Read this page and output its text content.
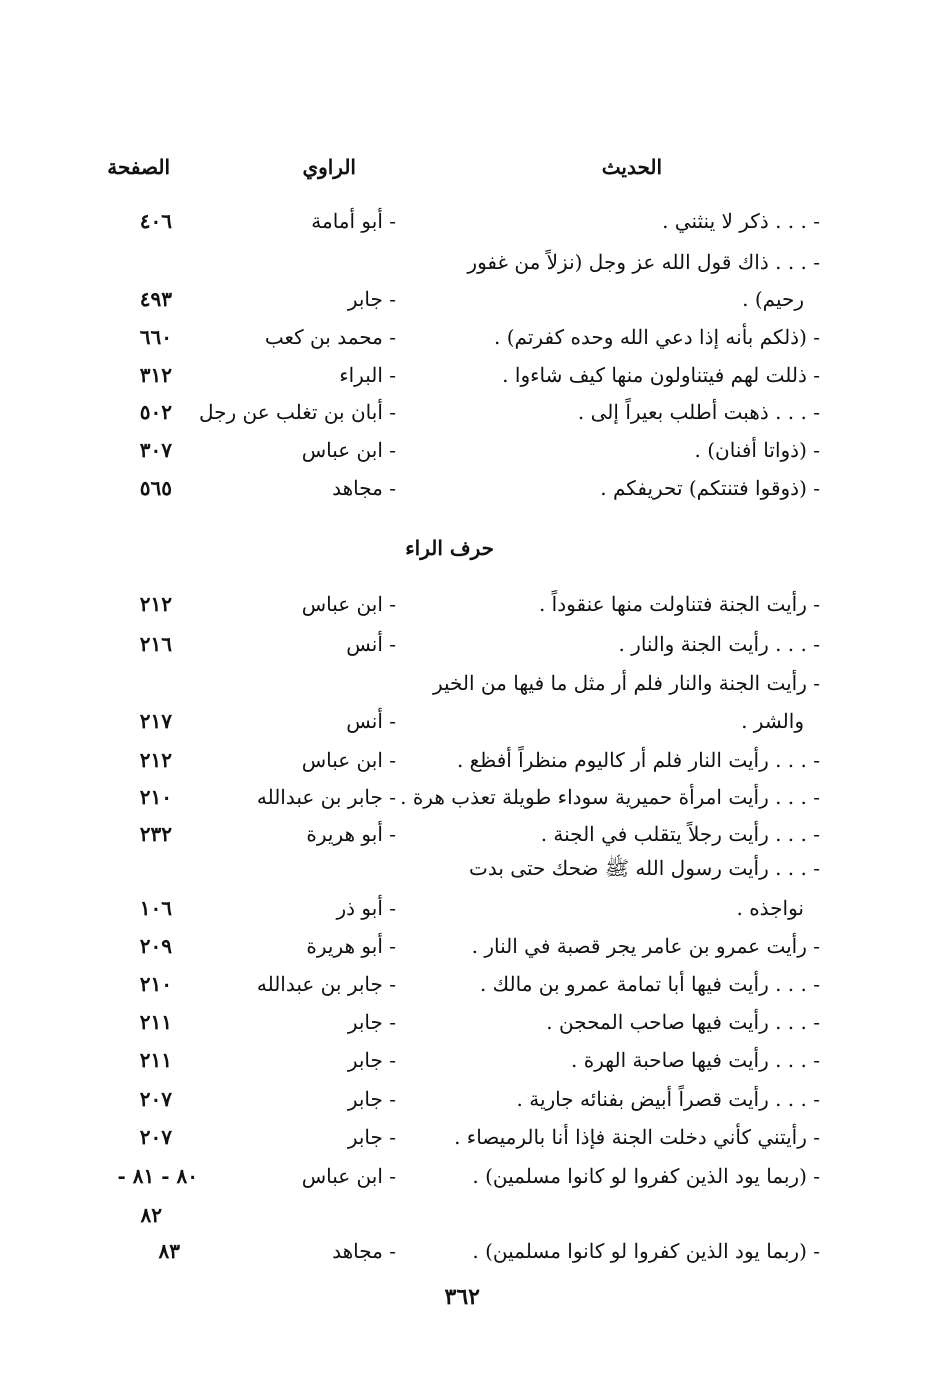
الحديث
الراوي
الصفحة
- . . . ذكر لا ينثني .
- أبو أمامة
٤٠٦
- . . . ذاك قول الله عز وجل (نزلاً من غفور
رحيم) .
- جابر
٤٩٣
- (ذلكم بأنه إذا دعي الله وحده كفرتم) .
- محمد بن كعب
٦٦٠
- ذللت لهم فيتناولون منها كيف شاءوا .
- البراء
٣١٢
- . . . ذهبت أطلب بعيراً إلى .
- أبان بن تغلب عن رجل
٥٠٢
- (ذواتا أفنان) .
- ابن عباس
٣٠٧
- (ذوقوا فتنتكم) تحريفكم .
- مجاهد
٥٦٥
حرف الراء
- رأيت الجنة فتناولت منها عنقوداً .
- ابن عباس
٢١٢
- . . . رأيت الجنة والنار .
- أنس
٢١٦
- رأيت الجنة والنار فلم أر مثل ما فيها من الخير
والشر .
- أنس
٢١٧
- . . . رأيت النار فلم أر كاليوم منظراً أفظع .
- ابن عباس
٢١٢
- . . . رأيت امرأة حميرية سوداء طويلة تعذب هرة .
- جابر بن عبدالله
٢١٠
- . . . رأيت رجلاً يتقلب في الجنة .
- أبو هريرة
٢٣٢
- . . . رأيت رسول الله ﷺ ضحك حتى بدت
نواجذه .
- أبو ذر
١٠٦
- رأيت عمرو بن عامر يجر قصبة في النار .
- أبو هريرة
٢٠٩
- . . . رأيت فيها أبا تمامة عمرو بن مالك .
- جابر بن عبدالله
٢١٠
- . . . رأيت فيها صاحب المحجن .
- جابر
٢١١
- . . . رأيت فيها صاحبة الهرة .
- جابر
٢١١
- . . . رأيت قصراً أبيض بفنائه جارية .
- جابر
٢٠٧
- رأيتني كأني دخلت الجنة فإذا أنا بالرميصاء .
- جابر
٢٠٧
- (ربما يود الذين كفروا لو كانوا مسلمين) .
- ابن عباس
٨٠ - ٨١ -
٨٢
- (ربما يود الذين كفروا لو كانوا مسلمين) .
- مجاهد
٨٣
٣٦٢
